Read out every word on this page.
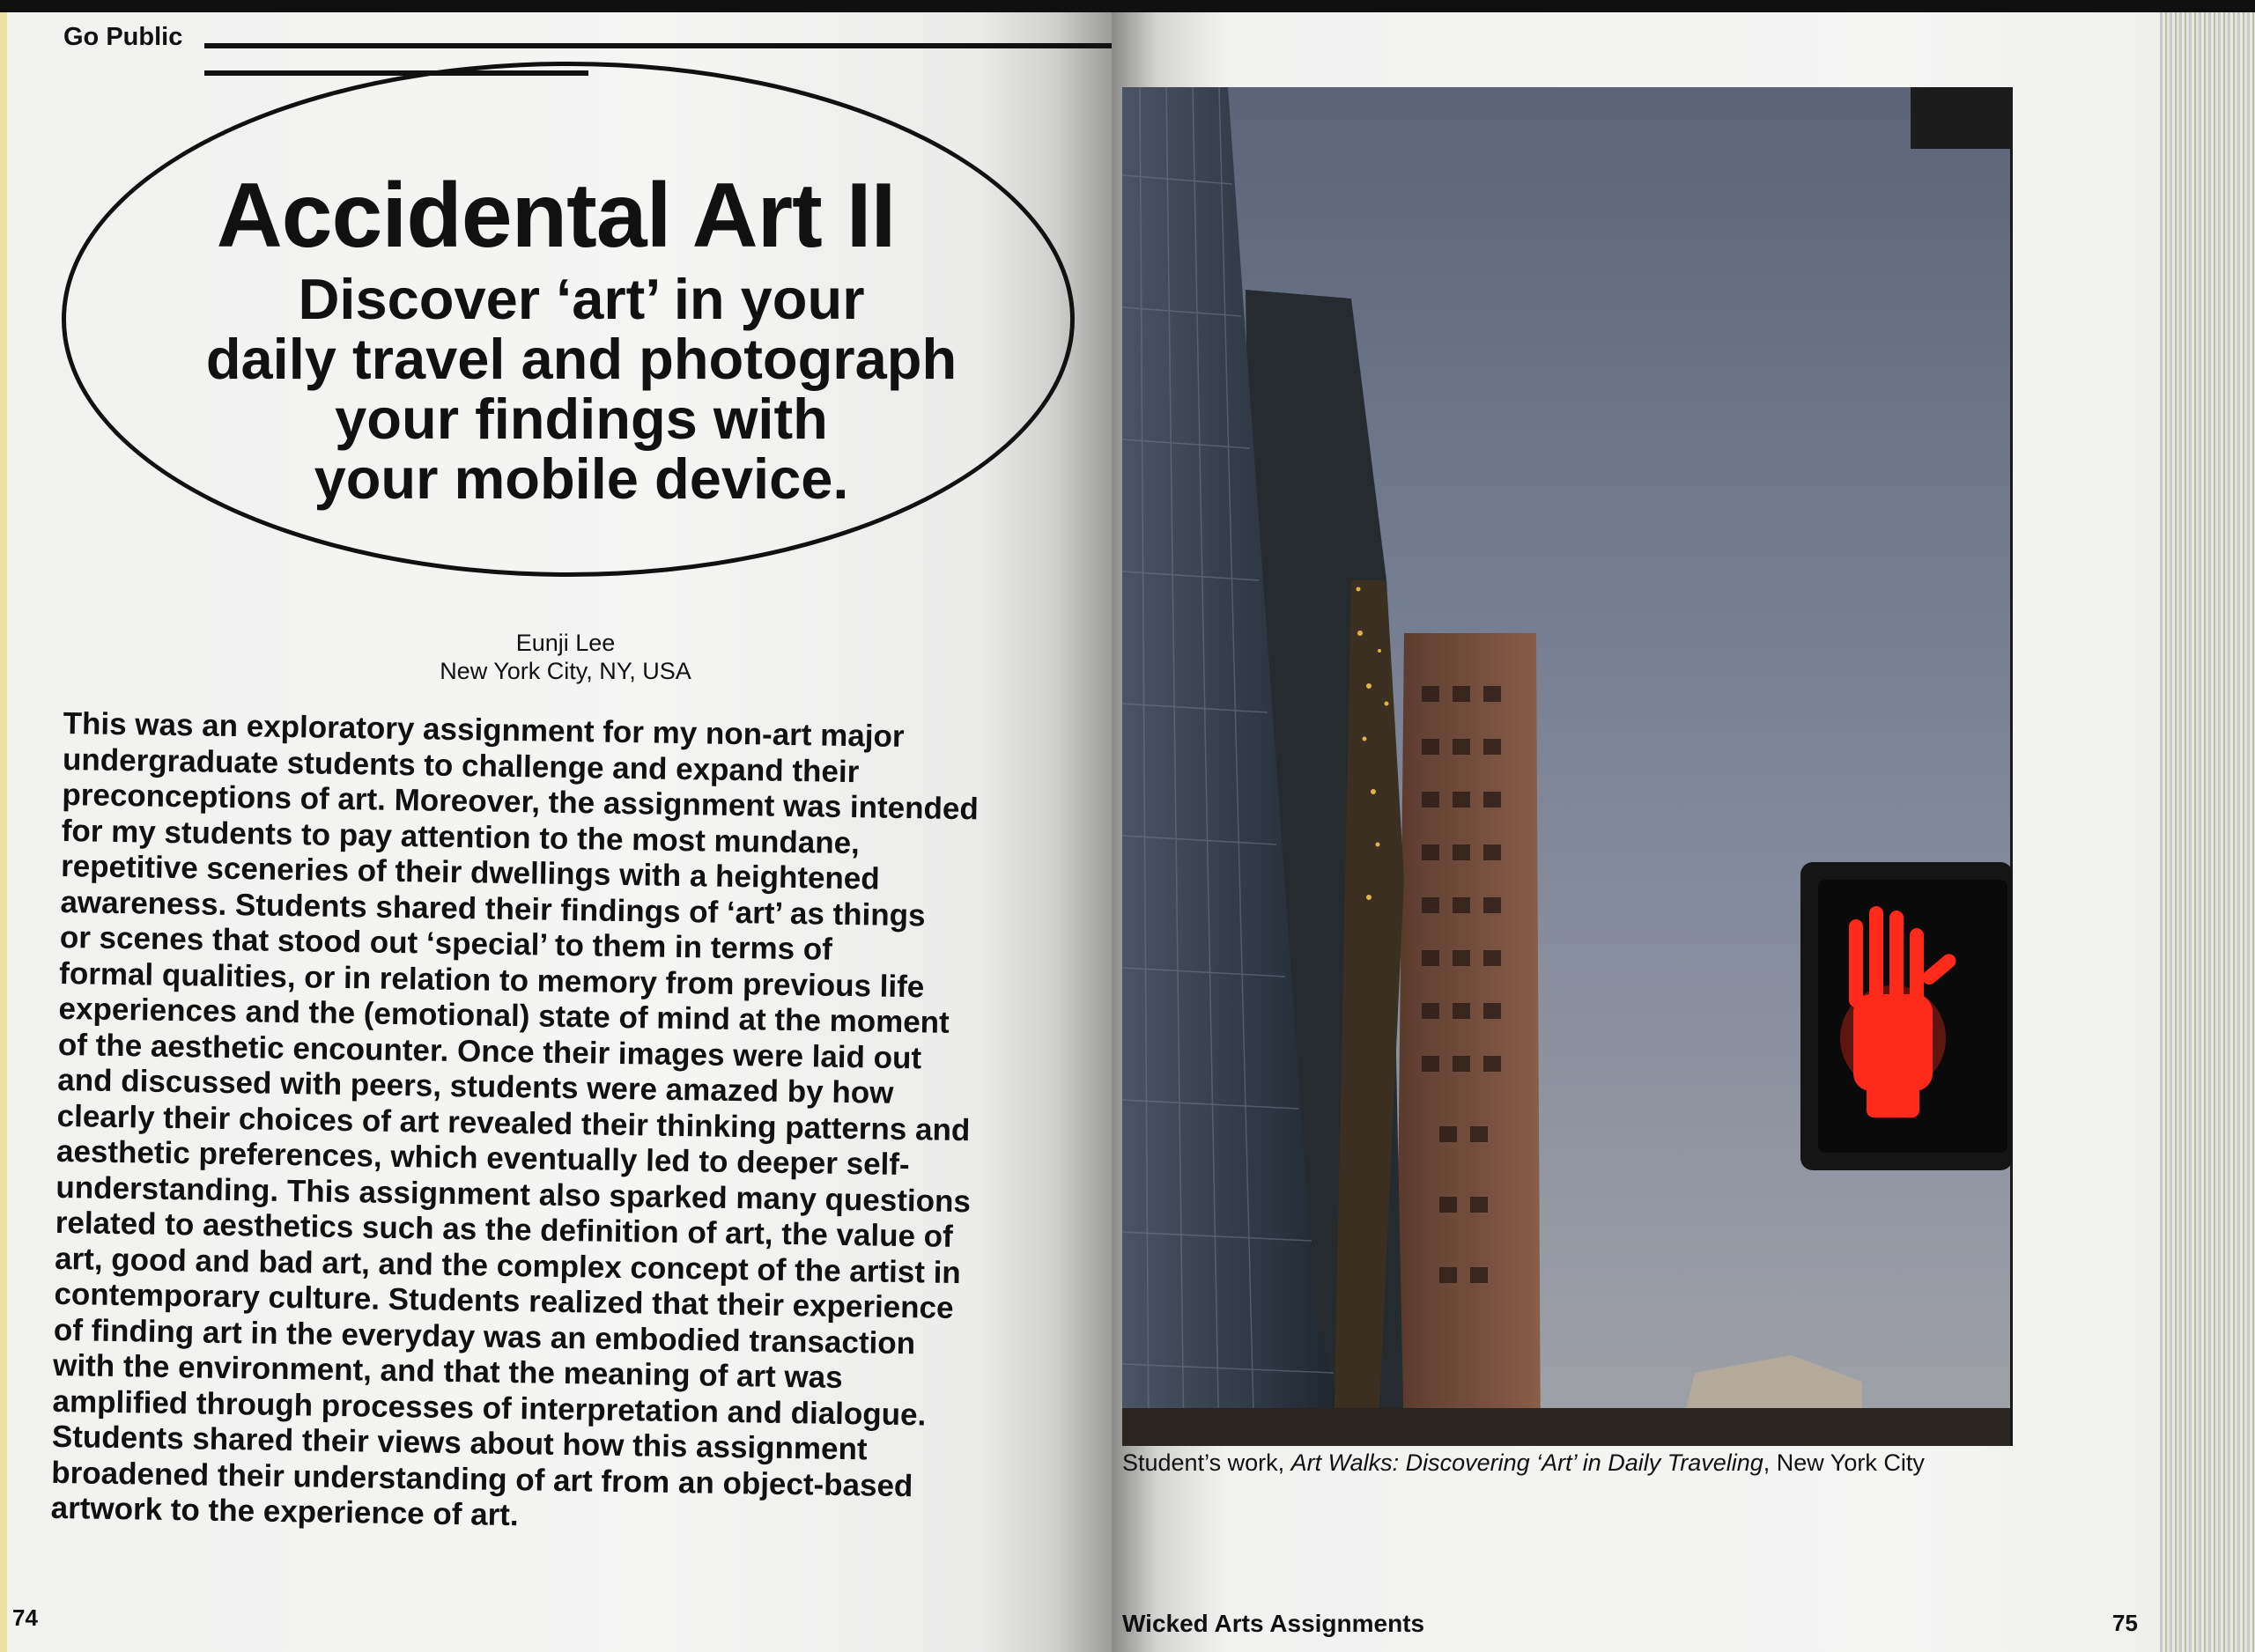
Go Public
Accidental Art II
Discover ‘art’ in your
daily travel and photograph
your findings with
your mobile device.
Eunji Lee
New York City, NY, USA
This was an exploratory assignment for my non-art major
undergraduate students to challenge and expand their
preconceptions of art. Moreover, the assignment was intended
for my students to pay attention to the most mundane,
repetitive sceneries of their dwellings with a heightened
awareness. Students shared their findings of ‘art’ as things
or scenes that stood out ‘special’ to them in terms of
formal qualities, or in relation to memory from previous life
experiences and the (emotional) state of mind at the moment
of the aesthetic encounter. Once their images were laid out
and discussed with peers, students were amazed by how
clearly their choices of art revealed their thinking patterns and
aesthetic preferences, which eventually led to deeper self-
understanding. This assignment also sparked many questions
related to aesthetics such as the definition of art, the value of
art, good and bad art, and the complex concept of the artist in
contemporary culture. Students realized that their experience
of finding art in the everyday was an embodied transaction
with the environment, and that the meaning of art was
amplified through processes of interpretation and dialogue.
Students shared their views about how this assignment
broadened their understanding of art from an object-based
artwork to the experience of art.
74
Student’s work, Art Walks: Discovering ‘Art’ in Daily Traveling, New York City
Wicked Arts Assignments	75
